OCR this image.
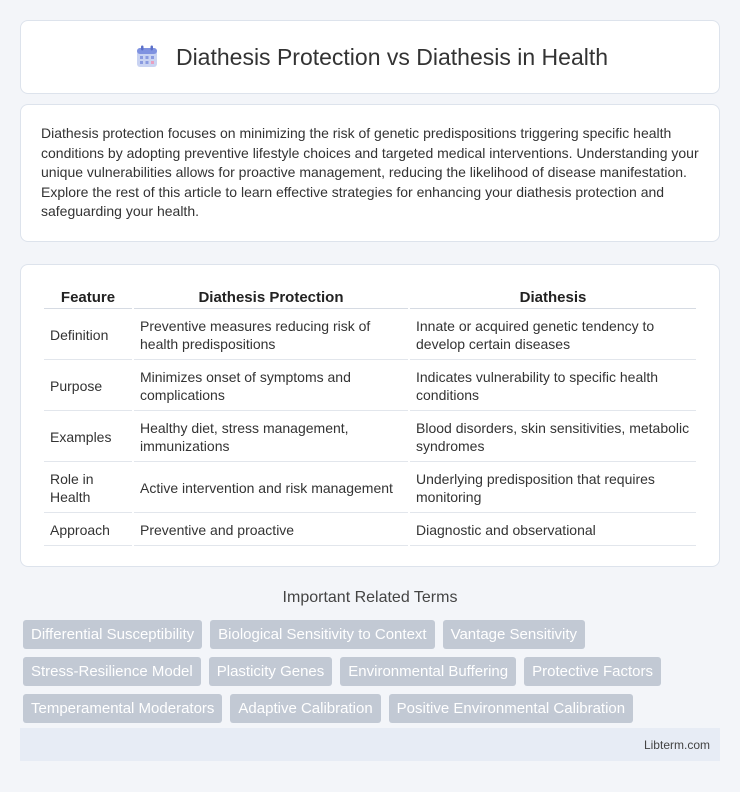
Diathesis Protection vs Diathesis in Health

Diathesis protection focuses on minimizing the risk of genetic predispositions triggering specific health conditions by adopting preventive lifestyle choices and targeted medical interventions. Understanding your unique vulnerabilities allows for proactive management, reducing the likelihood of disease manifestation. Explore the rest of this article to learn effective strategies for enhancing your diathesis protection and safeguarding your health.

Feature	Diathesis Protection	Diathesis
Definition	Preventive measures reducing risk of health predispositions	Innate or acquired genetic tendency to develop certain diseases
Purpose	Minimizes onset of symptoms and complications	Indicates vulnerability to specific health conditions
Examples	Healthy diet, stress management, immunizations	Blood disorders, skin sensitivities, metabolic syndromes
Role in Health	Active intervention and risk management	Underlying predisposition that requires monitoring
Approach	Preventive and proactive	Diagnostic and observational
Important Related Terms
Differential Susceptibility	Biological Sensitivity to Context	Vantage Sensitivity
Stress-Resilience Model	Plasticity Genes	Environmental Buffering	Protective Factors
Temperamental Moderators	Adaptive Calibration	Positive Environmental Calibration
Libterm.com
